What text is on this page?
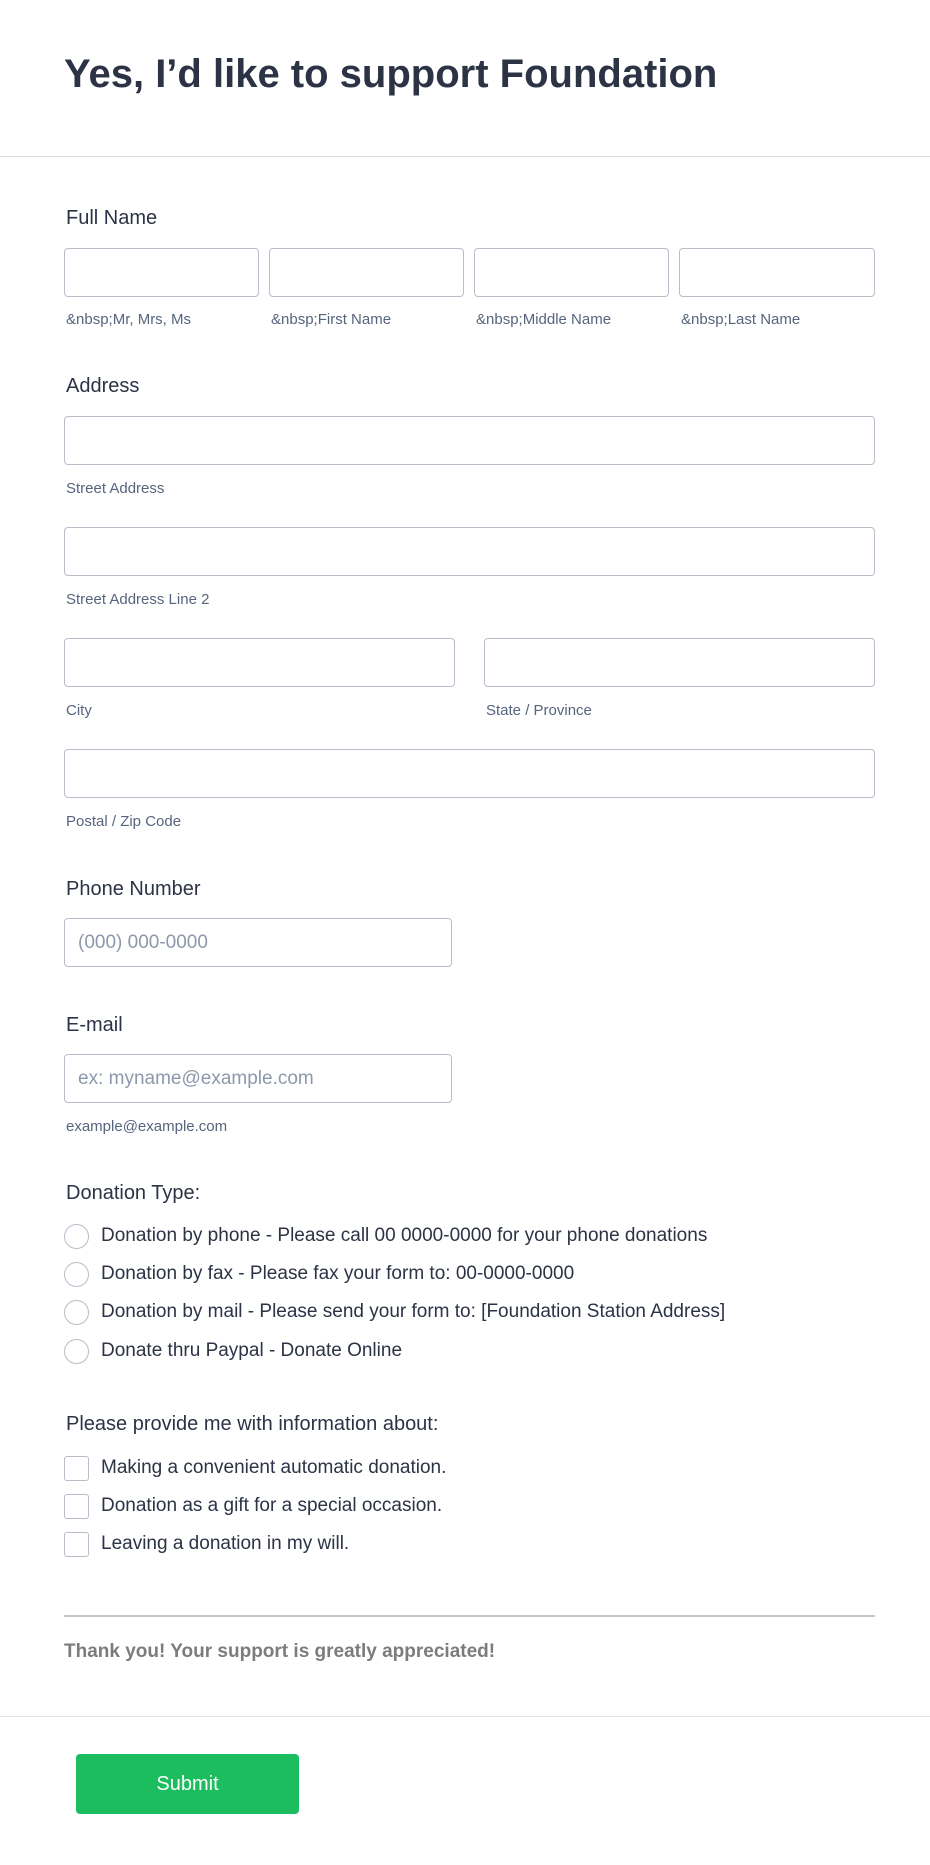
Yes, I’d like to support Foundation
Full Name
&nbsp;Mr, Mrs, Ms	&nbsp;First Name	&nbsp;Middle Name	&nbsp;Last Name
Address
Street Address
Street Address Line 2
City	State / Province
Postal / Zip Code
Phone Number
(000) 000-0000
E-mail
ex: myname@example.com
example@example.com
Donation Type:
Donation by phone - Please call 00 0000-0000 for your phone donations
Donation by fax - Please fax your form to: 00-0000-0000
Donation by mail - Please send your form to: [Foundation Station Address]
Donate thru Paypal - Donate Online
Please provide me with information about:
Making a convenient automatic donation.
Donation as a gift for a special occasion.
Leaving a donation in my will.
Thank you! Your support is greatly appreciated!
Submit
